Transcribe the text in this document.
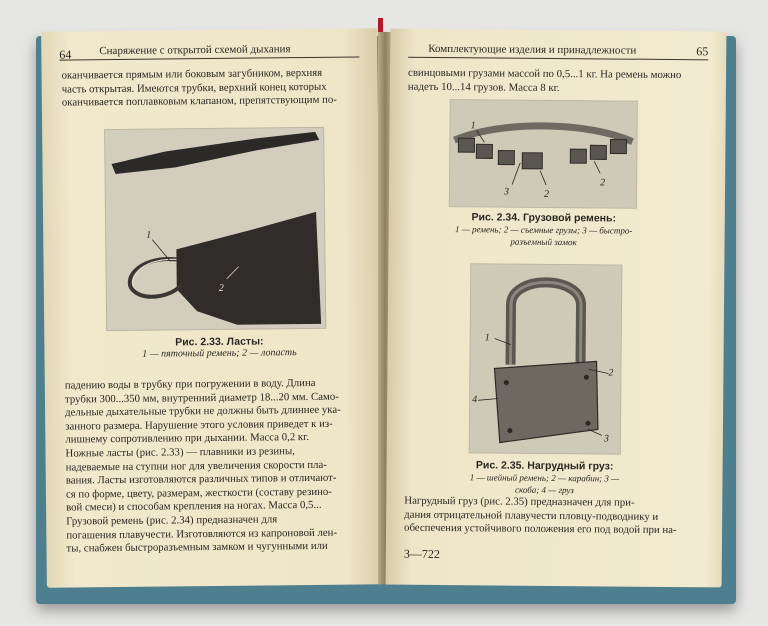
64	Снаряжение с открытой схемой дыхания

оканчивается прямым или боковым загубником, верхняя
часть открытая. Имеются трубки, верхний конец которых
оканчивается поплавковым клапаном, препятствующим по-
1
2
Рис. 2.33. Ласты:
1 — пяточный ремень; 2 — лопасть
падению воды в трубку при погружении в воду. Длина
трубки 300...350 мм, внутренний диаметр 18...20 мм. Само-
дельные дыхательные трубки не должны быть длиннее ука-
занного размера. Нарушение этого условия приведет к из-
лишнему сопротивлению при дыхании. Масса 0,2 кг.
Ножные ласты (рис. 2.33) — плавники из резины,
надеваемые на ступни ног для увеличения скорости пла-
вания. Ласты изготовляются различных типов и отличают-
ся по форме, цвету, размерам, жесткости (составу резино-
вой смеси) и способам крепления на ногах. Масса 0,5...
Грузовой ремень (рис. 2.34) предназначен для
погашения плавучести. Изготовляются из капроновой лен-
ты, снабжен быстроразъемным замком и чугунными или
Комплектующие изделия и принадлежности	65

свинцовыми грузами массой по 0,5...1 кг. На ремень можно
надеть 10...14 грузов. Масса 8 кг.
1
2
3
2
Рис. 2.34. Грузовой ремень:
1 — ремень; 2 — съемные грузы; 3 — быстро-
разъемный замок
1
2
4
3
Рис. 2.35. Нагрудный груз:
1 — шейный ремень; 2 — карабин; 3 —
скоба; 4 — груз
Нагрудный груз (рис. 2.35) предназначен для при-
дания отрицательной плавучести пловцу-подводнику и
обеспечения устойчивого положения его под водой при на-
3—722
